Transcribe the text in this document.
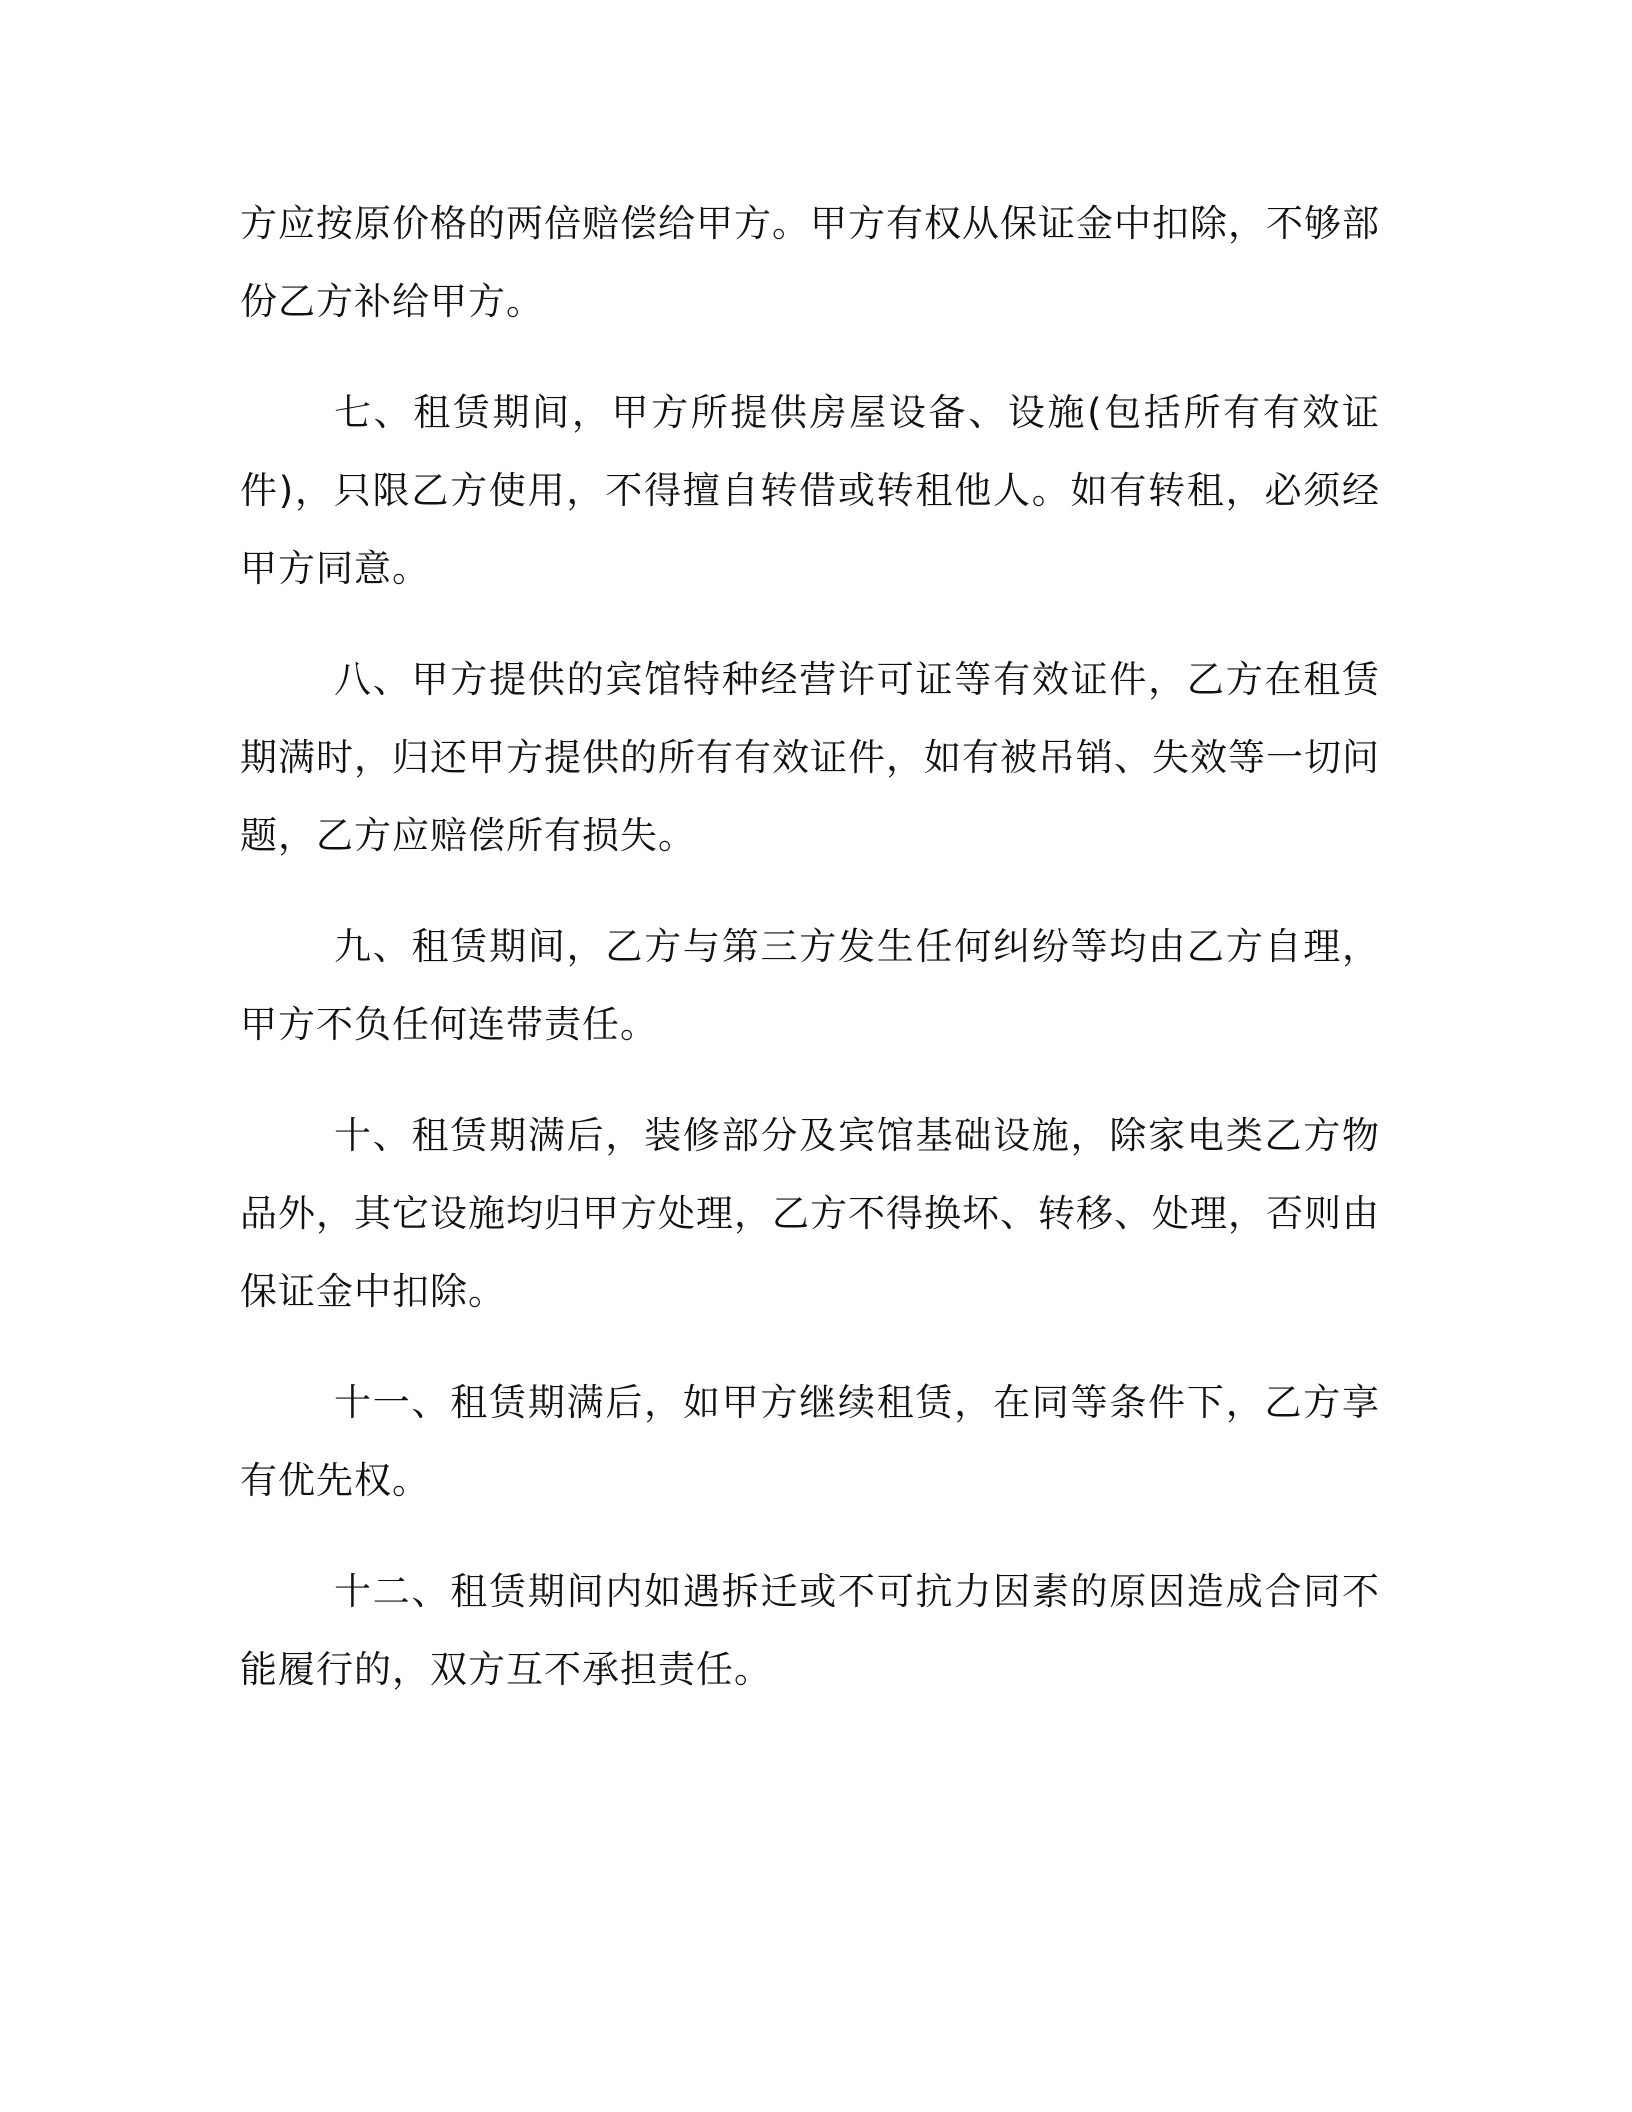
方应按原价格的两倍赔偿给甲方。甲方有权从保证金中扣除，不够部份乙方补给甲方。

七、租赁期间，甲方所提供房屋设备、设施(包括所有有效证件)，只限乙方使用，不得擅自转借或转租他人。如有转租，必须经甲方同意。

八、甲方提供的宾馆特种经营许可证等有效证件，乙方在租赁期满时，归还甲方提供的所有有效证件，如有被吊销、失效等一切问题，乙方应赔偿所有损失。

九、租赁期间，乙方与第三方发生任何纠纷等均由乙方自理，甲方不负任何连带责任。

十、租赁期满后，装修部分及宾馆基础设施，除家电类乙方物品外，其它设施均归甲方处理，乙方不得换坏、转移、处理，否则由保证金中扣除。

十一、租赁期满后，如甲方继续租赁，在同等条件下，乙方享有优先权。

十二、租赁期间内如遇拆迁或不可抗力因素的原因造成合同不能履行的，双方互不承担责任。
